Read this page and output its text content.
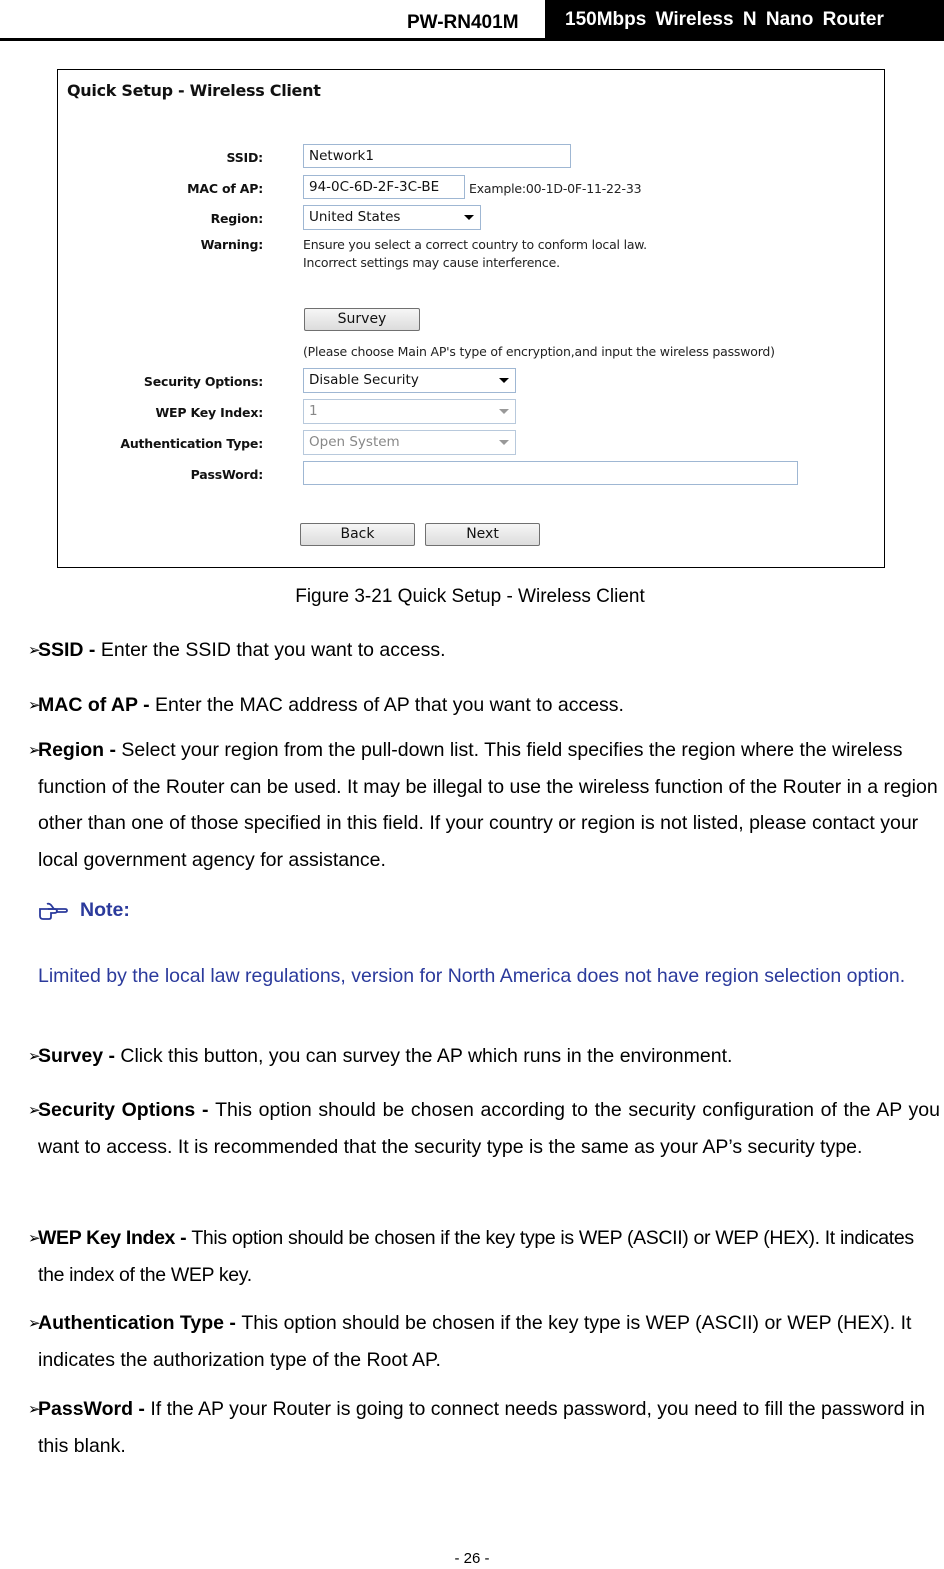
PW-RN401M	150Mbps Wireless N Nano Router
Quick Setup - Wireless Client
SSID:	Network1
MAC of AP:	94-0C-6D-2F-3C-BE	Example:00-1D-0F-11-22-33
Region:	United States
Warning:	Ensure you select a correct country to conform local law.
Incorrect settings may cause interference.
Survey
(Please choose Main AP's type of encryption,and input the wireless password)
Security Options:	Disable Security
WEP Key Index:	1
Authentication Type:	Open System
PassWord:
Back	Next
Figure 3-21 Quick Setup - Wireless Client
➢
SSID - Enter the SSID that you want to access.
➢
MAC of AP - Enter the MAC address of AP that you want to access.
➢
Region - Select your region from the pull-down list. This field specifies the region where the wireless function of the Router can be used. It may be illegal to use the wireless function of the Router in a region other than one of those specified in this field. If your country or region is not listed, please contact your local government agency for assistance.
Note:
Limited by the local law regulations, version for North America does not have region selection option.
➢
Survey - Click this button, you can survey the AP which runs in the environment.
➢
Security Options - This option should be chosen according to the security configuration of the AP you want to access. It is recommended that the security type is the same as your AP’s security type.
➢
WEP Key Index - This option should be chosen if the key type is WEP (ASCII) or WEP (HEX). It indicates the index of the WEP key.
➢
Authentication Type - This option should be chosen if the key type is WEP (ASCII) or WEP (HEX). It indicates the authorization type of the Root AP.
➢
PassWord - If the AP your Router is going to connect needs password, you need to fill the password in this blank.
- 26 -
